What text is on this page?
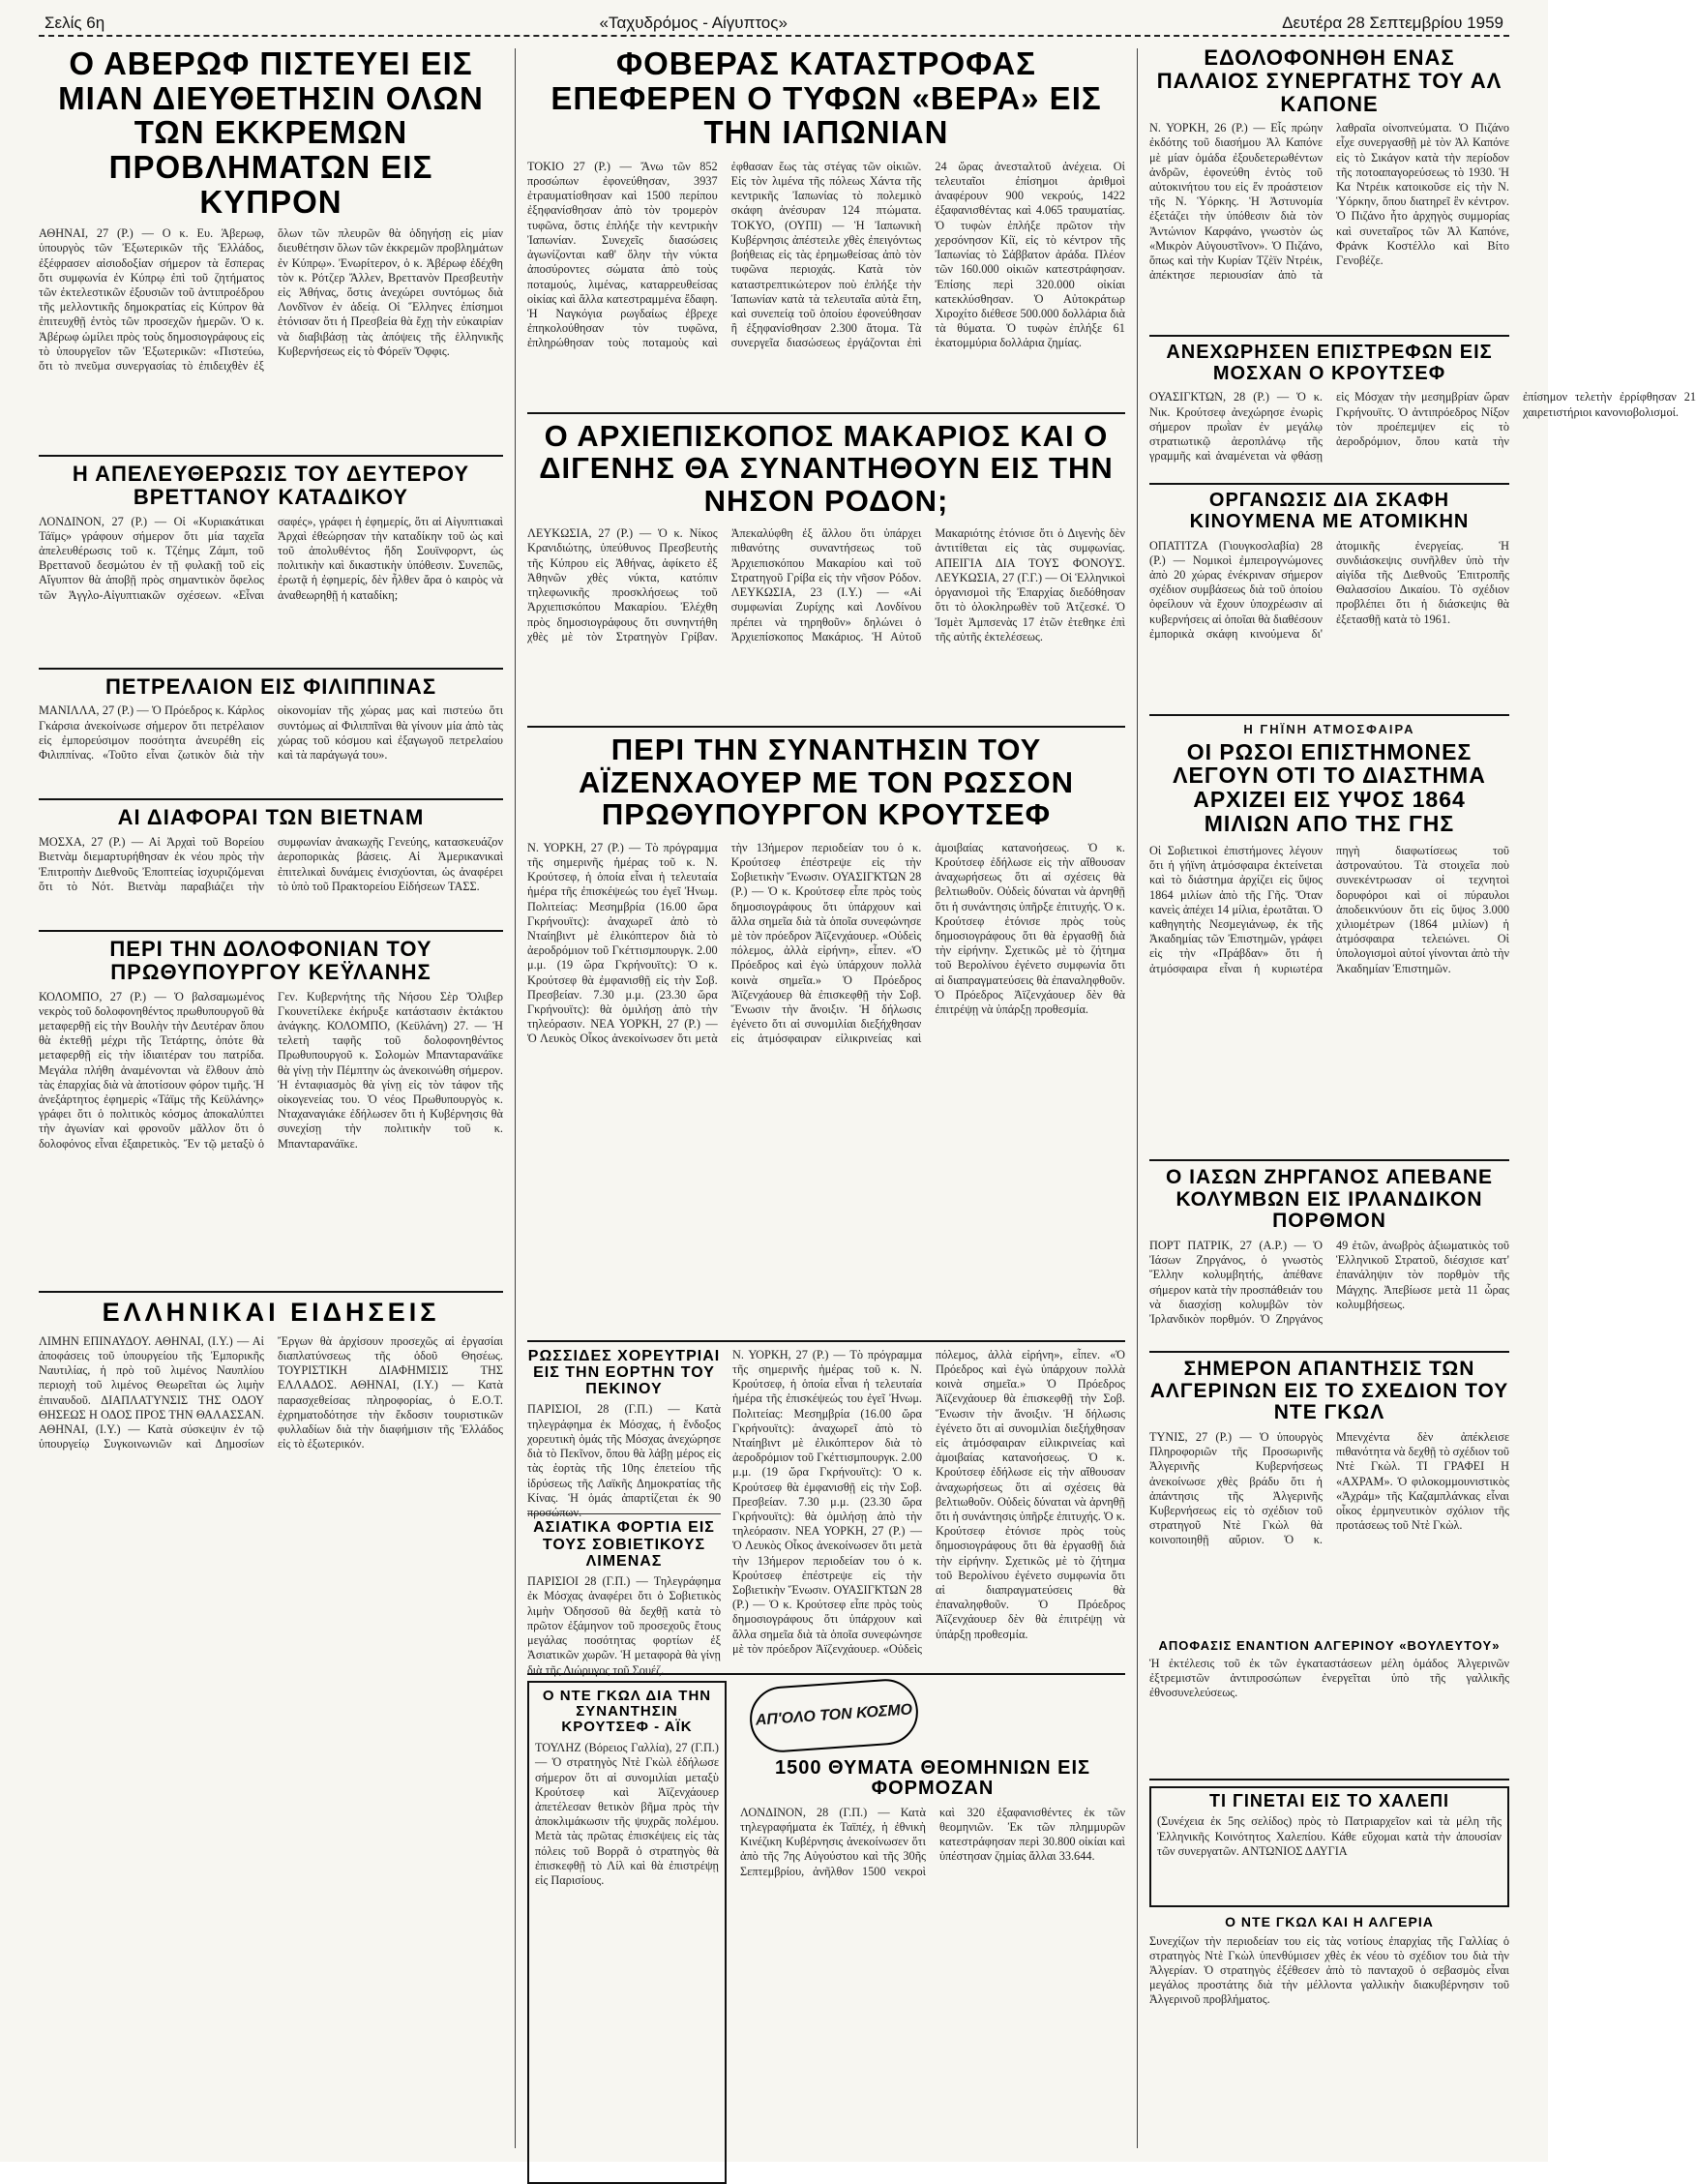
Σελίς 6η	«Ταχυδρόμος - Αίγυπτος»	Δευτέρα 28 Σεπτεμβρίου 1959
Ο ΑΒΕΡΩΦ ΠΙΣΤΕΥΕΙ ΕΙΣ ΜΙΑΝ ΔΙΕΥΘΕΤΗΣΙΝ ΟΛΩΝ ΤΩΝ ΕΚΚΡΕΜΩΝ ΠΡΟΒΛΗΜΑΤΩΝ ΕΙΣ ΚΥΠΡΟΝ
ΑΘΗΝΑΙ, 27 (Ρ.) — Ο κ. Ευ. Άβερωφ, ὑπουργὸς τῶν Ἐξωτερικῶν τῆς Ἑλλάδος, ἐξέφρασεν αἰσιοδοξίαν σήμερον τὰ ἔσπερας ὅτι συμφωνία ἐν Κύπρῳ ἐπὶ τοῦ ζητήματος τῶν ἐκτελεστικῶν ἐξουσιῶν τοῦ ἀντιπροέδρου τῆς μελλοντικῆς δημοκρατίας εἰς Κύπρον θὰ ἐπιτευχθῇ ἐντὸς τῶν προσεχῶν ἡμερῶν. Ὁ κ. Ἀβέρωφ ὡμίλει πρὸς τοὺς δημοσιογράφους εἰς τὸ ὑπουργεῖον τῶν Ἐξωτερικῶν: «Πιστεύω, ὅτι τὸ πνεῦμα συνεργασίας τὸ ἐπιδειχθὲν ἐξ ὅλων τῶν πλευρῶν θὰ ὁδηγήσῃ εἰς μίαν διευθέτησιν ὅλων τῶν ἐκκρεμῶν προβλημάτων ἐν Κύπρῳ». Ἐνωρίτερον, ὁ κ. Ἀβέρωφ ἐδέχθη τὸν κ. Ρότζερ Ἄλλεν, Βρεττανὸν Πρεσβευτὴν εἰς Ἀθήνας, ὅστις ἀνεχώρει συντόμως διὰ Λονδῖνον ἐν ἀδείᾳ. Οἱ Ἕλληνες ἐπίσημοι ἐτόνισαν ὅτι ἡ Πρεσβεία θὰ ἔχῃ τὴν εὐκαιρίαν νὰ διαβιβάσῃ τὰς ἀπόψεις τῆς ἑλληνικῆς Κυβερνήσεως εἰς τὸ Φόρεϊν Ὄφφις.
Η ΑΠΕΛΕΥΘΕΡΩΣΙΣ ΤΟΥ ΔΕΥΤΕΡΟΥ ΒΡΕΤΤΑΝΟΥ ΚΑΤΑΔΙΚΟΥ
ΛΟΝΔΙΝΟΝ, 27 (Ρ.) — Οἱ «Κυριακάτικαι Τάϊμς» γράφουν σήμερον ὅτι μία ταχεῖα ἀπελευθέρωσις τοῦ κ. Τζέημς Ζάμπ, τοῦ Βρεττανοῦ δεσμώτου ἐν τῇ φυλακῇ τοῦ εἰς Αἴγυπτον θὰ ἀποβῇ πρὸς σημαντικὸν ὄφελος τῶν Ἀγγλο-Αἰγυπτιακῶν σχέσεων. «Εἶναι σαφές», γράφει ἡ ἐφημερίς, ὅτι αἱ Αἰγυπτιακαὶ Ἀρχαὶ ἐθεώρησαν τὴν καταδίκην τοῦ ὡς καὶ τοῦ ἀπολυθέντος ἤδη Σουϊνφορντ, ὡς πολιτικὴν καὶ δικαστικὴν ὑπόθεσιν. Συνεπῶς, ἐρωτᾷ ἡ ἐφημερίς, δὲν ἦλθεν ἄρα ὁ καιρὸς νὰ ἀναθεωρηθῇ ἡ καταδίκη;
ΠΕΤΡΕΛΑΙΟΝ ΕΙΣ ΦΙΛΙΠΠΙΝΑΣ
ΜΑΝΙΛΛΑ, 27 (Ρ.) — Ὁ Πρόεδρος κ. Κάρλος Γκάρσια ἀνεκοίνωσε σήμερον ὅτι πετρέλαιον εἰς ἐμπορεύσιμον ποσότητα ἀνευρέθη εἰς Φιλιππίνας. «Τοῦτο εἶναι ζωτικὸν διὰ τὴν οἰκονομίαν τῆς χώρας μας καὶ πιστεύω ὅτι συντόμως αἱ Φιλιππῖναι θὰ γίνουν μία ἀπὸ τὰς χώρας τοῦ κόσμου καὶ ἐξαγωγοῦ πετρελαίου καὶ τὰ παράγωγά του».
ΑΙ ΔΙΑΦΟΡΑΙ ΤΩΝ ΒΙΕΤΝΑΜ
ΜΟΣΧΑ, 27 (Ρ.) — Αἱ Ἀρχαὶ τοῦ Βορείου Βιετνὰμ διεμαρτυρήθησαν ἐκ νέου πρὸς τὴν Ἐπιτροπὴν Διεθνοῦς Ἐποπτείας ἰσχυριζόμεναι ὅτι τὸ Νότ. Βιετνὰμ παραβιάζει τὴν συμφωνίαν ἀνακωχῆς Γενεύης, κατασκευάζον ἀεροπορικὰς βάσεις. Αἱ Ἀμερικανικαὶ ἐπιτελικαὶ δυνάμεις ἐνισχύονται, ὡς ἀναφέρει τὸ ὑπὸ τοῦ Πρακτορείου Εἰδήσεων ΤΑΣΣ.
ΠΕΡΙ ΤΗΝ ΔΟΛΟΦΟΝΙΑΝ ΤΟΥ ΠΡΩΘΥΠΟΥΡΓΟΥ ΚΕΫΛΑΝΗΣ
ΚΟΛΟΜΠΟ, 27 (Ρ.) — Ὁ βαλσαμωμένος νεκρὸς τοῦ δολοφονηθέντος πρωθυπουργοῦ θὰ μεταφερθῇ εἰς τὴν Βουλὴν τὴν Δευτέραν ὅπου θὰ ἐκτεθῇ μέχρι τῆς Τετάρτης, ὁπότε θὰ μεταφερθῇ εἰς τὴν ἰδιαιτέραν του πατρίδα. Μεγάλα πλήθη ἀναμένονται νὰ ἔλθουν ἀπὸ τὰς ἐπαρχίας διὰ νὰ ἀποτίσουν φόρον τιμῆς. Ἡ ἀνεξάρτητος ἐφημερὶς «Τάϊμς τῆς Κεϋλάνης» γράφει ὅτι ὁ πολιτικὸς κόσμος ἀποκαλύπτει τὴν ἀγωνίαν καὶ φρονοῦν μᾶλλον ὅτι ὁ δολοφόνος εἶναι ἐξαιρετικὸς. Ἔν τῷ μεταξὺ ὁ Γεν. Κυβερνήτης τῆς Νήσου Σὲρ Ὄλιβερ Γκουνετίλεκε ἐκήρυξε κατάστασιν ἐκτάκτου ἀνάγκης. ΚΟΛΟΜΠΟ, (Κεϋλάνη) 27. — Ἡ τελετὴ ταφῆς τοῦ δολοφονηθέντος Πρωθυπουργοῦ κ. Σολομὼν Μπανταρανάϊκε θὰ γίνῃ τὴν Πέμπτην ὡς ἀνεκοινώθη σήμερον. Ἡ ἐνταφιασμὸς θὰ γίνῃ εἰς τὸν τάφον τῆς οἰκογενείας του. Ὁ νέος Πρωθυπουργὸς κ. Νταχαναγιάκε ἐδήλωσεν ὅτι ἡ Κυβέρνησις θὰ συνεχίσῃ τὴν πολιτικὴν τοῦ κ. Μπανταρανάϊκε.
ΕΛΛΗΝΙΚΑΙ ΕΙΔΗΣΕΙΣ
ΛΙΜΗΝ ΕΠΙΝΑΥΔΟΥ. ΑΘΗΝΑΙ, (Ι.Υ.) — Αἱ ἀποφάσεις τοῦ ὑπουργείου τῆς Ἐμπορικῆς Ναυτιλίας, ἡ πρὸ τοῦ λιμένος Ναυπλίου περιοχὴ τοῦ λιμένος Θεωρεῖται ὡς λιμὴν ἐπιναυδοῦ. ΔΙΑΠΛΑΤΥΝΣΙΣ ΤΗΣ ΟΔΟΥ ΘΗΣΕΩΣ Η ΟΔΟΣ ΠΡΟΣ ΤΗΝ ΘΑΛΑΣΣΑΝ. ΑΘΗΝΑΙ, (Ι.Υ.) — Κατὰ σύσκεψιν ἐν τῷ ὑπουργείῳ Συγκοινωνιῶν καὶ Δημοσίων Ἔργων θὰ ἀρχίσουν προσεχῶς αἱ ἐργασίαι διαπλατύνσεως τῆς ὁδοῦ Θησέως. ΤΟΥΡΙΣΤΙΚΗ ΔΙΑΦΗΜΙΣΙΣ ΤΗΣ ΕΛΛΑΔΟΣ. ΑΘΗΝΑΙ, (Ι.Υ.) — Κατὰ παρασχεθείσας πληροφορίας, ὁ Ε.Ο.Τ. ἐχρηματοδότησε τὴν ἔκδοσιν τουριστικῶν φυλλαδίων διὰ τὴν διαφήμισιν τῆς Ἑλλάδος εἰς τὸ ἐξωτερικόν.
ΦΟΒΕΡΑΣ ΚΑΤΑΣΤΡΟΦΑΣ ΕΠΕΦΕΡΕΝ Ο ΤΥΦΩΝ «ΒΕΡΑ» ΕΙΣ ΤΗΝ ΙΑΠΩΝΙΑΝ
ΤΟΚΙΟ 27 (Ρ.) — Ἄνω τῶν 852 προσώπων ἐφονεύθησαν, 3937 ἐτραυματίσθησαν καὶ 1500 περίπου ἐξηφανίσθησαν ἀπὸ τὸν τρομερὸν τυφῶνα, ὅστις ἐπλήξε τὴν κεντρικὴν Ἰαπωνίαν. Συνεχεῖς διασώσεις ἀγωνίζονται καθ' ὅλην τὴν νύκτα ἀποσύροντες σώματα ἀπὸ τοὺς ποταμούς, λιμένας, καταρρευθείσας οἰκίας καὶ ἄλλα κατεστραμμένα ἔδαφη. Ἡ Ναγκόγια ρωγδαίως ἐβρεχε ἐπηκολούθησαν τὸν τυφῶνα, ἐπληρώθησαν τοὺς ποταμοὺς καὶ ἐφθασαν ἕως τὰς στέγας τῶν οἰκιῶν. Εἰς τὸν λιμένα τῆς πόλεως Χάντα τῆς κεντρικῆς Ἰαπωνίας τὸ πολεμικὸ σκάφη ἀνέσυραν 124 πτώματα. ΤΟΚΥΟ, (ΟΥΠΙ) — Ἡ Ἰαπωνικὴ Κυβέρνησις ἀπέστειλε χθὲς ἐπειγόντως βοήθειας εἰς τὰς ἐρημωθείσας ἀπὸ τὸν τυφῶνα περιοχάς. Κατὰ τὸν καταστρεπτικώτερον ποὺ ἐπλήξε τὴν Ἰαπωνίαν κατὰ τὰ τελευταῖα αὐτὰ ἔτη, καὶ συνεπείᾳ τοῦ ὁποίου ἐφονεύθησαν ἢ ἐξηφανίσθησαν 2.300 ἄτομα. Τὰ συνεργεῖα διασώσεως ἐργάζονται ἐπὶ 24 ὥρας ἀνεσταλτοῦ ἀνέχεια. Οἱ τελευταῖοι ἐπίσημοι ἀριθμοὶ ἀναφέρουν 900 νεκρούς, 1422 ἐξαφανισθέντας καὶ 4.065 τραυματίας. Ὁ τυφὼν ἐπλήξε πρῶτον τὴν χερσόνησον Κίϊ, εἰς τὸ κέντρον τῆς Ἰαπωνίας τὸ Σάββατον ἀράδα. Πλέον τῶν 160.000 οἰκιῶν κατεστράφησαν. Ἐπίσης περὶ 320.000 οἰκίαι κατεκλύσθησαν. Ὁ Αὐτοκράτωρ Χιροχίτο διέθεσε 500.000 δολλάρια διὰ τὰ θύματα. Ὁ τυφὼν ἐπλήξε 61 ἑκατομμύρια δολλάρια ζημίας.
Ο ΑΡΧΙΕΠΙΣΚΟΠΟΣ ΜΑΚΑΡΙΟΣ ΚΑΙ Ο ΔΙΓΕΝΗΣ ΘΑ ΣΥΝΑΝΤΗΘΟΥΝ ΕΙΣ ΤΗΝ ΝΗΣΟΝ ΡΟΔΟΝ;
ΛΕΥΚΩΣΙΑ, 27 (Ρ.) — Ὁ κ. Νίκος Κρανιδιώτης, ὑπεύθυνος Πρεσβευτὴς τῆς Κύπρου εἰς Ἀθήνας, ἀφίκετο ἐξ Ἀθηνῶν χθὲς νύκτα, κατόπιν τηλεφωνικῆς προσκλήσεως τοῦ Ἀρχιεπισκόπου Μακαρίου. Ἐλέχθη πρὸς δημοσιογράφους ὅτι συνηντήθη χθὲς μὲ τὸν Στρατηγὸν Γρίβαν. Ἀπεκαλύφθη ἐξ ἄλλου ὅτι ὑπάρχει πιθανότης συναντήσεως τοῦ Ἀρχιεπισκόπου Μακαρίου καὶ τοῦ Στρατηγοῦ Γρίβα εἰς τὴν νῆσον Ρόδον. ΛΕΥΚΩΣΙΑ, 23 (Ι.Υ.) — «Αἱ συμφωνίαι Ζυρίχης καὶ Λονδίνου πρέπει νὰ τηρηθοῦν» δηλώνει ὁ Ἀρχιεπίσκοπος Μακάριος. Ἡ Αὐτοῦ Μακαριότης ἐτόνισε ὅτι ὁ Διγενὴς δὲν ἀντιτίθεται εἰς τὰς συμφωνίας. ΑΠΕΙΓΙΑ ΔΙΑ ΤΟΥΣ ΦΟΝΟΥΣ. ΛΕΥΚΩΣΙΑ, 27 (Γ.Γ.) — Οἱ Ἑλληνικοὶ ὁργανισμοὶ τῆς Ἐπαρχίας διεδόθησαν ὅτι τὸ ὁλοκληρωθὲν τοῦ Ἀτζεσκέ. Ὁ Ἰσμὲτ Ἀμπσενὰς 17 ἐτῶν ἐτεθηκε ἐπὶ τῆς αὐτῆς ἐκτελέσεως.
ΠΕΡΙ ΤΗΝ ΣΥΝΑΝΤΗΣΙΝ ΤΟΥ ΑΪΖΕΝΧΑΟΥΕΡ ΜΕ ΤΟΝ ΡΩΣΣΟΝ ΠΡΩΘΥΠΟΥΡΓΟΝ ΚΡΟΥΤΣΕΦ
Ν. ΥΟΡΚΗ, 27 (Ρ.) — Τὸ πρόγραμμα τῆς σημερινῆς ἡμέρας τοῦ κ. Ν. Κρούτσεφ, ἡ ὁποία εἶναι ἡ τελευταία ἡμέρα τῆς ἐπισκέψεώς του ἐγεῖ Ἠνωμ. Πολιτείας: Μεσημβρία (16.00 ὥρα Γκρήνουϊτς): ἀναχωρεῖ ἀπὸ τὸ Νταίηβιντ μὲ ἐλικόπτερον διὰ τὸ ἀεροδρόμιον τοῦ Γκέττισμπουργκ. 2.00 μ.μ. (19 ὥρα Γκρήνουϊτς): Ὁ κ. Κρούτσεφ θὰ ἐμφανισθῇ εἰς τὴν Σοβ. Πρεσβείαν. 7.30 μ.μ. (23.30 ὥρα Γκρήνουϊτς): θὰ ὁμιλήσῃ ἀπὸ τὴν τηλεόρασιν. ΝΕΑ ΥΟΡΚΗ, 27 (Ρ.) — Ὁ Λευκὸς Οἶκος ἀνεκοίνωσεν ὅτι μετὰ τὴν 13ήμερον περιοδείαν του ὁ κ. Κρούτσεφ ἐπέστρεψε εἰς τὴν Σοβιετικὴν Ἕνωσιν. ΟΥΑΣΙΓΚΤΩΝ 28 (Ρ.) — Ὁ κ. Κρούτσεφ εἶπε πρὸς τοὺς δημοσιογράφους ὅτι ὑπάρχουν καὶ ἄλλα σημεῖα διὰ τὰ ὁποῖα συνεφώνησε μὲ τὸν πρόεδρον Ἀϊζενχάουερ. «Οὐδεὶς πόλεμος, ἀλλὰ εἰρήνη», εἶπεν. «Ὁ Πρόεδρος καὶ ἐγὼ ὑπάρχουν πολλὰ κοινὰ σημεῖα.» Ὁ Πρόεδρος Ἀϊζενχάουερ θὰ ἐπισκεφθῇ τὴν Σοβ. Ἕνωσιν τὴν ἄνοιξιν. Ἡ δήλωσις ἐγένετο ὅτι αἱ συνομιλίαι διεξήχθησαν εἰς ἀτμόσφαιραν εἰλικρινείας καὶ ἀμοιβαίας κατανοήσεως. Ὁ κ. Κρούτσεφ ἐδήλωσε εἰς τὴν αἴθουσαν ἀναχωρήσεως ὅτι αἱ σχέσεις θὰ βελτιωθοῦν. Οὐδεὶς δύναται νὰ ἀρνηθῇ ὅτι ἡ συνάντησις ὑπῆρξε ἐπιτυχής. Ὁ κ. Κρούτσεφ ἐτόνισε πρὸς τοὺς δημοσιογράφους ὅτι θὰ ἐργασθῇ διὰ τὴν εἰρήνην. Σχετικῶς μὲ τὸ ζήτημα τοῦ Βερολίνου ἐγένετο συμφωνία ὅτι αἱ διαπραγματεύσεις θὰ ἐπαναληφθοῦν. Ὁ Πρόεδρος Ἀϊζενχάουερ δὲν θὰ ἐπιτρέψῃ νὰ ὑπάρξῃ προθεσμία.
ΡΩΣΣΙΔΕΣ ΧΟΡΕΥΤΡΙΑΙ ΕΙΣ ΤΗΝ ΕΟΡΤΗΝ ΤΟΥ ΠΕΚΙΝΟΥ
ΠΑΡΙΣΙΟΙ, 28 (Γ.Π.) — Κατὰ τηλεγράφημα ἐκ Μόσχας, ἡ ἔνδοξος χορευτικὴ ὁμάς τῆς Μόσχας ἀνεχώρησε διὰ τὸ Πεκῖνον, ὅπου θὰ λάβῃ μέρος εἰς τὰς ἑορτὰς τῆς 10ης ἐπετείου τῆς ἱδρύσεως τῆς Λαϊκῆς Δημοκρατίας τῆς Κίνας. Ἡ ὁμάς ἀπαρτίζεται ἐκ 90 προσώπων.
ΑΣΙΑΤΙΚΑ ΦΟΡΤΙΑ ΕΙΣ ΤΟΥΣ ΣΟΒΙΕΤΙΚΟΥΣ ΛΙΜΕΝΑΣ
ΠΑΡΙΣΙΟΙ 28 (Γ.Π.) — Τηλεγράφημα ἐκ Μόσχας ἀναφέρει ὅτι ὁ Σοβιετικὸς λιμὴν Ὀδησσοῦ θὰ δεχθῇ κατὰ τὸ πρῶτον ἐξάμηνον τοῦ προσεχοῦς ἔτους μεγάλας ποσότητας φορτίων ἐξ Ἀσιατικῶν χωρῶν. Ἡ μεταφορὰ θὰ γίνῃ διὰ τῆς Διώρυγος τοῦ Σουέζ.
Ν. ΥΟΡΚΗ, 27 (Ρ.) — Τὸ πρόγραμμα τῆς σημερινῆς ἡμέρας τοῦ κ. Ν. Κρούτσεφ, ἡ ὁποία εἶναι ἡ τελευταία ἡμέρα τῆς ἐπισκέψεώς του ἐγεῖ Ἠνωμ. Πολιτείας: Μεσημβρία (16.00 ὥρα Γκρήνουϊτς): ἀναχωρεῖ ἀπὸ τὸ Νταίηβιντ μὲ ἐλικόπτερον διὰ τὸ ἀεροδρόμιον τοῦ Γκέττισμπουργκ. 2.00 μ.μ. (19 ὥρα Γκρήνουϊτς): Ὁ κ. Κρούτσεφ θὰ ἐμφανισθῇ εἰς τὴν Σοβ. Πρεσβείαν. 7.30 μ.μ. (23.30 ὥρα Γκρήνουϊτς): θὰ ὁμιλήσῃ ἀπὸ τὴν τηλεόρασιν. ΝΕΑ ΥΟΡΚΗ, 27 (Ρ.) — Ὁ Λευκὸς Οἶκος ἀνεκοίνωσεν ὅτι μετὰ τὴν 13ήμερον περιοδείαν του ὁ κ. Κρούτσεφ ἐπέστρεψε εἰς τὴν Σοβιετικὴν Ἕνωσιν. ΟΥΑΣΙΓΚΤΩΝ 28 (Ρ.) — Ὁ κ. Κρούτσεφ εἶπε πρὸς τοὺς δημοσιογράφους ὅτι ὑπάρχουν καὶ ἄλλα σημεῖα διὰ τὰ ὁποῖα συνεφώνησε μὲ τὸν πρόεδρον Ἀϊζενχάουερ. «Οὐδεὶς πόλεμος, ἀλλὰ εἰρήνη», εἶπεν. «Ὁ Πρόεδρος καὶ ἐγὼ ὑπάρχουν πολλὰ κοινὰ σημεῖα.» Ὁ Πρόεδρος Ἀϊζενχάουερ θὰ ἐπισκεφθῇ τὴν Σοβ. Ἕνωσιν τὴν ἄνοιξιν. Ἡ δήλωσις ἐγένετο ὅτι αἱ συνομιλίαι διεξήχθησαν εἰς ἀτμόσφαιραν εἰλικρινείας καὶ ἀμοιβαίας κατανοήσεως. Ὁ κ. Κρούτσεφ ἐδήλωσε εἰς τὴν αἴθουσαν ἀναχωρήσεως ὅτι αἱ σχέσεις θὰ βελτιωθοῦν. Οὐδεὶς δύναται νὰ ἀρνηθῇ ὅτι ἡ συνάντησις ὑπῆρξε ἐπιτυχής. Ὁ κ. Κρούτσεφ ἐτόνισε πρὸς τοὺς δημοσιογράφους ὅτι θὰ ἐργασθῇ διὰ τὴν εἰρήνην. Σχετικῶς μὲ τὸ ζήτημα τοῦ Βερολίνου ἐγένετο συμφωνία ὅτι αἱ διαπραγματεύσεις θὰ ἐπαναληφθοῦν. Ὁ Πρόεδρος Ἀϊζενχάουερ δὲν θὰ ἐπιτρέψῃ νὰ ὑπάρξῃ προθεσμία.
Ο ΝΤΕ ΓΚΩΛ ΔΙΑ ΤΗΝ ΣΥΝΑΝΤΗΣΙΝ ΚΡΟΥΤΣΕΦ - ΑΪΚ
ΤΟΥΛΗΖ (Βόρειος Γαλλία), 27 (Γ.Π.) — Ὁ στρατηγὸς Ντὲ Γκὼλ ἐδήλωσε σήμερον ὅτι αἱ συνομιλίαι μεταξὺ Κρούτσεφ καὶ Ἀϊζενχάουερ ἀπετέλεσαν θετικὸν βῆμα πρὸς τὴν ἀποκλιμάκωσιν τῆς ψυχρᾶς πολέμου. Μετὰ τὰς πρῶτας ἐπισκέψεις εἰς τὰς πόλεις τοῦ Βορρᾶ ὁ στρατηγὸς θὰ ἐπισκεφθῇ τὸ Λίλ καὶ θὰ ἐπιστρέψῃ εἰς Παρισίους.
ΑΠ'ΟΛΟ ΤΟΝ ΚΟΣΜΟ
1500 ΘΥΜΑΤΑ ΘΕΟΜΗΝΙΩΝ ΕΙΣ ΦΟΡΜΟΖΑΝ
ΛΟΝΔΙΝΟΝ, 28 (Γ.Π.) — Κατὰ τηλεγραφήματα ἐκ Ταϊπέχ, ἡ ἐθνικὴ Κινέζικη Κυβέρνησις ἀνεκοίνωσεν ὅτι ἀπὸ τῆς 7ης Αὐγούστου καὶ τῆς 30ῆς Σεπτεμβρίου, ἀνῆλθον 1500 νεκροὶ καὶ 320 ἐξαφανισθέντες ἐκ τῶν θεομηνιῶν. Ἐκ τῶν πλημμυρῶν κατεστράφησαν περὶ 30.800 οἰκίαι καὶ ὑπέστησαν ζημίας ἄλλαι 33.644.
ΕΔΟΛΟΦΟΝΗΘΗ ΕΝΑΣ ΠΑΛΑΙΟΣ ΣΥΝΕΡΓΑΤΗΣ ΤΟΥ ΑΛ ΚΑΠΟΝΕ
Ν. ΥΟΡΚΗ, 26 (Ρ.) — Εἷς πρώην ἐκδότης τοῦ διασήμου Ἀλ Καπόνε μὲ μίαν ὁμάδα ἐξουδετερωθέντων ἀνδρῶν, ἐφονεύθη ἐντὸς τοῦ αὐτοκινήτου του εἰς ἕν προάστειον τῆς Ν. Ὑόρκης. Ἡ Ἀστυνομία ἐξετάζει τὴν ὑπόθεσιν διὰ τὸν Ἀντώνιον Καρφάνο, γνωστὸν ὡς «Μικρὸν Αὐγουστῖνον». Ὁ Πιζάνο, ὅπως καὶ τὴν Κυρίαν Τζὲϊν Ντρέικ, ἀπέκτησε περιουσίαν ἀπὸ τὰ λαθραῖα οἰνοπνεύματα. Ὁ Πιζάνο εἶχε συνεργασθῇ μὲ τὸν Ἀλ Καπόνε εἰς τὸ Σικάγον κατὰ τὴν περίοδον τῆς ποτοαπαγορεύσεως τὸ 1930. Ἡ Κα Ντρέικ κατοικοῦσε εἰς τὴν Ν. Ὑόρκην, ὅπου διατηρεῖ ἓν κέντρον. Ὁ Πιζάνο ἦτο ἀρχηγὸς συμμορίας καὶ συνεταῖρος τῶν Ἀλ Καπόνε, Φράνκ Κοστέλλο καὶ Βίτο Γενοβέζε.
ΑΝΕΧΩΡΗΣΕΝ ΕΠΙΣΤΡΕΦΩΝ ΕΙΣ ΜΟΣΧΑΝ Ο ΚΡΟΥΤΣΕΦ
ΟΥΑΣΙΓΚΤΩΝ, 28 (Ρ.) — Ὁ κ. Νικ. Κρούτσεφ ἀνεχώρησε ἐνωρὶς σήμερον πρωῒαν ἐν μεγάλῳ στρατιωτικῷ ἀεροπλάνῳ τῆς γραμμῆς καὶ ἀναμένεται νὰ φθάσῃ εἰς Μόσχαν τὴν μεσημβρίαν ὥραν Γκρήνουϊτς. Ὁ ἀντιπρόεδρος Νίξον τὸν προέπεμψεν εἰς τὸ ἀεροδρόμιον, ὅπου κατὰ τὴν ἐπίσημον τελετὴν ἐρρίφθησαν 21 χαιρετιστήριοι κανονιοβολισμοί.
ΟΡΓΑΝΩΣΙΣ ΔΙΑ ΣΚΑΦΗ ΚΙΝΟΥΜΕΝΑ ΜΕ ΑΤΟΜΙΚΗΝ
ΟΠΑΤΙΤΖΑ (Γιουγκοσλαβία) 28 (Ρ.) — Νομικοὶ ἐμπειρογνώμονες ἀπὸ 20 χώρας ἐνέκριναν σήμερον σχέδιον συμβάσεως διὰ τοῦ ὁποίου ὀφείλουν νὰ ἔχουν ὑποχρέωσιν αἱ κυβερνήσεις αἱ ὁποῖαι θὰ διαθέσουν ἐμπορικὰ σκάφη κινούμενα δι' ἀτομικῆς ἐνεργείας. Ἡ συνδιάσκεψις συνῆλθεν ὑπὸ τὴν αἰγίδα τῆς Διεθνοῦς Ἐπιτροπῆς Θαλασσίου Δικαίου. Τὸ σχέδιον προβλέπει ὅτι ἡ διάσκεψις θὰ ἐξετασθῇ κατὰ τὸ 1961.
Η ΓΗΪΝΗ ΑΤΜΟΣΦΑΙΡΑ
ΟΙ ΡΩΣΟΙ ΕΠΙΣΤΗΜΟΝΕΣ ΛΕΓΟΥΝ ΟΤΙ ΤΟ ΔΙΑΣΤΗΜΑ ΑΡΧΙΖΕΙ ΕΙΣ ΥΨΟΣ 1864 ΜΙΛΙΩΝ ΑΠΟ ΤΗΣ ΓΗΣ
Οἱ Σοβιετικοὶ ἐπιστήμονες λέγουν ὅτι ἡ γήϊνη ἀτμόσφαιρα ἐκτείνεται καὶ τὸ διάστημα ἀρχίζει εἰς ὕψος 1864 μιλίων ἀπὸ τῆς Γῆς. Ὅταν κανεὶς ἀπέχει 14 μίλια, ἐρωτᾶται. Ὁ καθηγητὴς Νεσμεγιάνωφ, ἐκ τῆς Ἀκαδημίας τῶν Ἐπιστημῶν, γράφει εἰς τὴν «Πράβδαν» ὅτι ἡ ἀτμόσφαιρα εἶναι ἡ κυριωτέρα πηγὴ διαφωτίσεως τοῦ ἀστροναύτου. Τὰ στοιχεῖα ποὺ συνεκέντρωσαν οἱ τεχνητοὶ δορυφόροι καὶ οἱ πύραυλοι ἀποδεικνύουν ὅτι εἰς ὕψος 3.000 χιλιομέτρων (1864 μιλίων) ἡ ἀτμόσφαιρα τελειώνει. Οἱ ὑπολογισμοὶ αὐτοί γίνονται ἀπὸ τὴν Ἀκαδημίαν Ἐπιστημῶν.
Ο ΙΑΣΩΝ ΖΗΡΓΑΝΟΣ ΑΠΕΒΑΝΕ ΚΟΛΥΜΒΩΝ ΕΙΣ ΙΡΛΑΝΔΙΚΟΝ ΠΟΡΘΜΟΝ
ΠΟΡΤ ΠΑΤΡΙΚ, 27 (Α.Ρ.) — Ὁ Ἰάσων Ζηργάνος, ὁ γνωστὸς Ἕλλην κολυμβητής, ἀπέθανε σήμερον κατὰ τὴν προσπάθειάν του νὰ διασχίσῃ κολυμβῶν τὸν Ἰρλανδικὸν πορθμόν. Ὁ Ζηργάνος 49 ἐτῶν, ἀνωβρὸς ἀξιωματικὸς τοῦ Ἑλληνικοῦ Στρατοῦ, διέσχισε κατ' ἐπανάληψιν τὸν πορθμὸν τῆς Μάγχης. Ἀπεβίωσε μετὰ 11 ὧρας κολυμβήσεως.
ΣΗΜΕΡΟΝ ΑΠΑΝΤΗΣΙΣ ΤΩΝ ΑΛΓΕΡΙΝΩΝ ΕΙΣ ΤΟ ΣΧΕΔΙΟΝ ΤΟΥ ΝΤΕ ΓΚΩΛ
ΤΥΝΙΣ, 27 (Ρ.) — Ὁ ὑπουργὸς Πληροφοριῶν τῆς Προσωρινῆς Ἀλγερινῆς Κυβερνήσεως ἀνεκοίνωσε χθὲς βράδυ ὅτι ἡ ἀπάντησις τῆς Ἀλγερινῆς Κυβερνήσεως εἰς τὸ σχέδιον τοῦ στρατηγοῦ Ντὲ Γκὼλ θὰ κοινοποιηθῇ αὔριον. Ὁ κ. Μπενχέντα δὲν ἀπέκλεισε πιθανότητα νὰ δεχθῇ τὸ σχέδιον τοῦ Ντὲ Γκὼλ. ΤΙ ΓΡΑΦΕΙ Η «ΑΧΡΑΜ». Ὁ φιλοκομμουνιστικὸς «Ἀχράμ» τῆς Καζαμπλάνκας εἶναι οἶκος ἐρμηνευτικὸν σχόλιον τῆς προτάσεως τοῦ Ντὲ Γκὼλ.
ΑΠΟΦΑΣΙΣ ΕΝΑΝΤΙΟΝ ΑΛΓΕΡΙΝΟΥ «ΒΟΥΛΕΥΤΟΥ»
Ἡ ἐκτέλεσις τοῦ ἐκ τῶν ἐγκαταστάσεων μέλη ὁμάδος Ἀλγερινῶν ἐξτρεμιστῶν ἀντιπροσώπων ἐνεργεῖται ὑπὸ τῆς γαλλικῆς ἐθνοσυνελεύσεως.
ΤΙ ΓΙΝΕΤΑΙ ΕΙΣ ΤΟ ΧΑΛΕΠΙ
(Συνέχεια ἐκ 5ης σελίδος) πρὸς τὸ Πατριαρχεῖον καὶ τὰ μέλη τῆς Ἑλληνικῆς Κοινότητος Χαλεπίου. Κάθε εὔχομαι κατὰ τὴν ἀπουσίαν τῶν συνεργατῶν. ΑΝΤΩΝΙΟΣ ΔΑΥΓΙΑ
Ο ΝΤΕ ΓΚΩΛ ΚΑΙ Η ΑΛΓΕΡΙΑ
Συνεχίζων τὴν περιοδείαν του εἰς τὰς νοτίους ἐπαρχίας τῆς Γαλλίας ὁ στρατηγὸς Ντὲ Γκὼλ ὑπενθύμισεν χθὲς ἐκ νέου τὸ σχέδιον του διὰ τὴν Ἀλγερίαν. Ὁ στρατηγὸς ἐξέθεσεν ἀπὸ τὸ πανταχοῦ ὁ σεβασμὸς εἶναι μεγάλος προστάτης διὰ τὴν μέλλοντα γαλλικὴν διακυβέρνησιν τοῦ Ἀλγερινοῦ προβλήματος.
